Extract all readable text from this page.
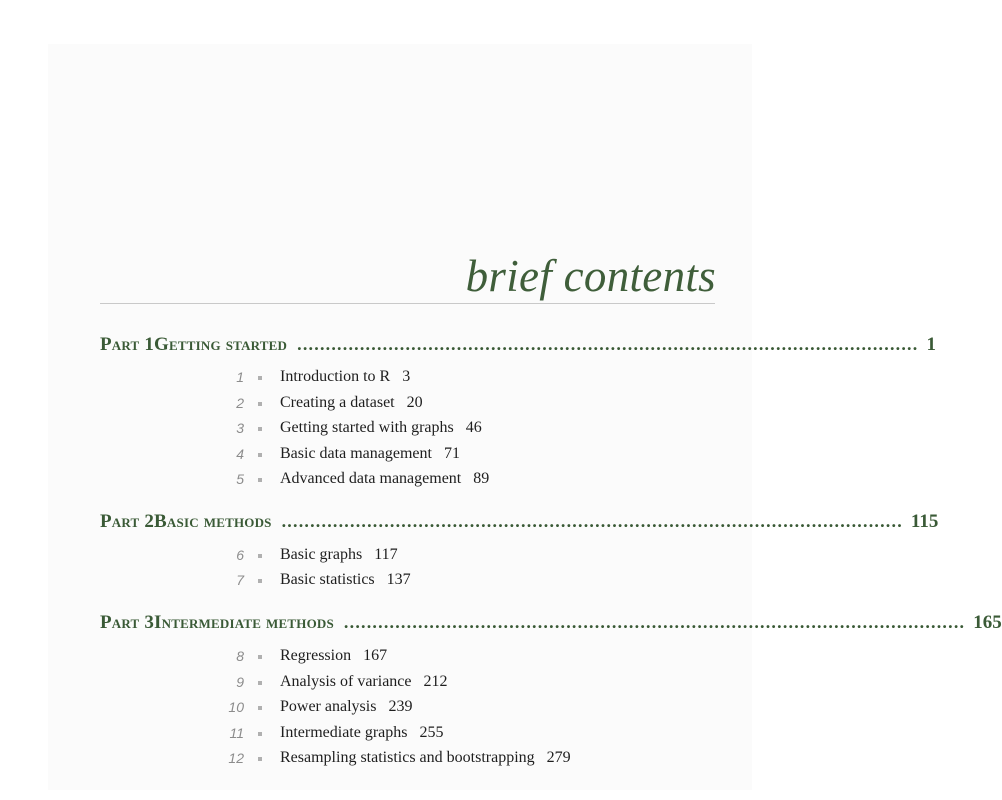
brief contents
Part 1 Getting started ............................................................................................................. 1
1 Introduction to R 3
2 Creating a dataset 20
3 Getting started with graphs 46
4 Basic data management 71
5 Advanced data management 89
Part 2 Basic methods ............................................................................................................. 115
6 Basic graphs 117
7 Basic statistics 137
Part 3 Intermediate methods ............................................................................................................. 165
8 Regression 167
9 Analysis of variance 212
10 Power analysis 239
11 Intermediate graphs 255
12 Resampling statistics and bootstrapping 279
